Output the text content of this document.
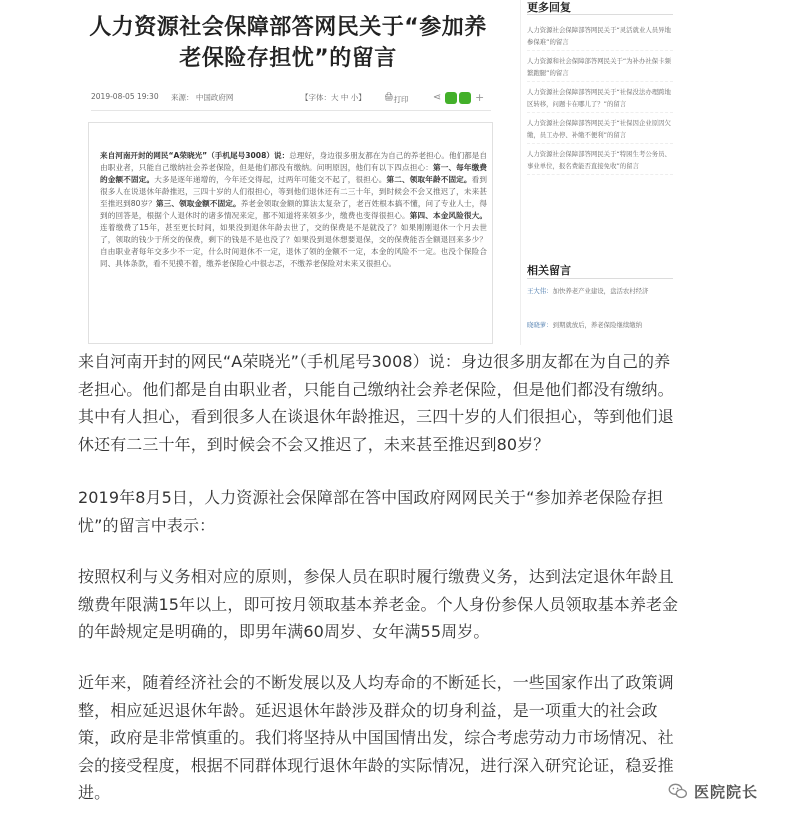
人力资源社会保障部答网民关于“参加养老保险存担忧”的留言
2019-08-05 19:30 来源： 中国政府网	【字体：大 中 小】 🖨 打印 ⋖	+
来自河南开封的网民“A荣晓光”（手机尾号3008）说：总理好，身边很多朋友都在为自己的养老担心。他们都是自由职业者，只能自己缴纳社会养老保险，但是他们都没有缴纳。问明原因，他们有以下四点担心：第一、每年缴费的金额不固定。大多是逐年递增的，今年还交得起，过两年可能交不起了，很担心。第二、领取年龄不固定。看到很多人在说退休年龄推迟，三四十岁的人们很担心，等到他们退休还有二三十年，到时候会不会又推迟了，未来甚至推迟到80岁？第三、领取金额不固定。养老金领取金额的算法太复杂了，老百姓根本搞不懂，问了专业人士，得到的回答是，根据个人退休时的诸多情况来定，都不知道将来领多少，缴费也变得很担心。第四、本金风险很大。连着缴费了15年，甚至更长时间，如果没到退休年龄去世了，交的保费是不是就没了？如果刚刚退休一个月去世了，领取的钱少于所交的保费，剩下的钱是不是也没了？如果没到退休想要退保，交的保费能否全额退回来多少？自由职业者每年交多少不一定，什么时间退休不一定，退休了领的金额不一定，本金的风险不一定。也没个保险合同、具体条款，看不见摸不着，缴养老保险心中很忐忑，不缴养老保险对未来又很担心。
更多回复
人力资源社会保障部答网民关于“灵活就业人员异地参保难”的留言
人力资源和社会保障部答网民关于“为补办社保卡频繁跑腿”的留言
人力资源社会保障部答网民关于“社保没法办理跨地区转移，问题卡在哪儿了？”的留言
人力资源社会保障部答网民关于“社保因企业原因欠缴，员工办停、补缴不便利”的留言
人力资源社会保障部答网民关于“特困生考公务员、事业单位，报名费能否直接免收”的留言
相关留言
王大伟：加快养老产业建设，盘活农村经济
晓晓萝：到期就放后，养老保险继续缴纳

来自河南开封的网民“A荣晓光”（手机尾号3008）说：身边很多朋友都在为自己的养老担心。他们都是自由职业者，只能自己缴纳社会养老保险，但是他们都没有缴纳。其中有人担心，看到很多人在谈退休年龄推迟，三四十岁的人们很担心，等到他们退休还有二三十年，到时候会不会又推迟了，未来甚至推迟到80岁？

2019年8月5日，人力资源社会保障部在答中国政府网网民关于“参加养老保险存担忧”的留言中表示：

按照权利与义务相对应的原则，参保人员在职时履行缴费义务，达到法定退休年龄且缴费年限满15年以上，即可按月领取基本养老金。个人身份参保人员领取基本养老金的年龄规定是明确的，即男年满60周岁、女年满55周岁。

近年来，随着经济社会的不断发展以及人均寿命的不断延长，一些国家作出了政策调整，相应延迟退休年龄。延迟退休年龄涉及群众的切身利益，是一项重大的社会政策，政府是非常慎重的。我们将坚持从中国国情出发，综合考虑劳动力市场情况、社会的接受程度，根据不同群体现行退休年龄的实际情况，进行深入研究论证，稳妥推进。	医院院长
